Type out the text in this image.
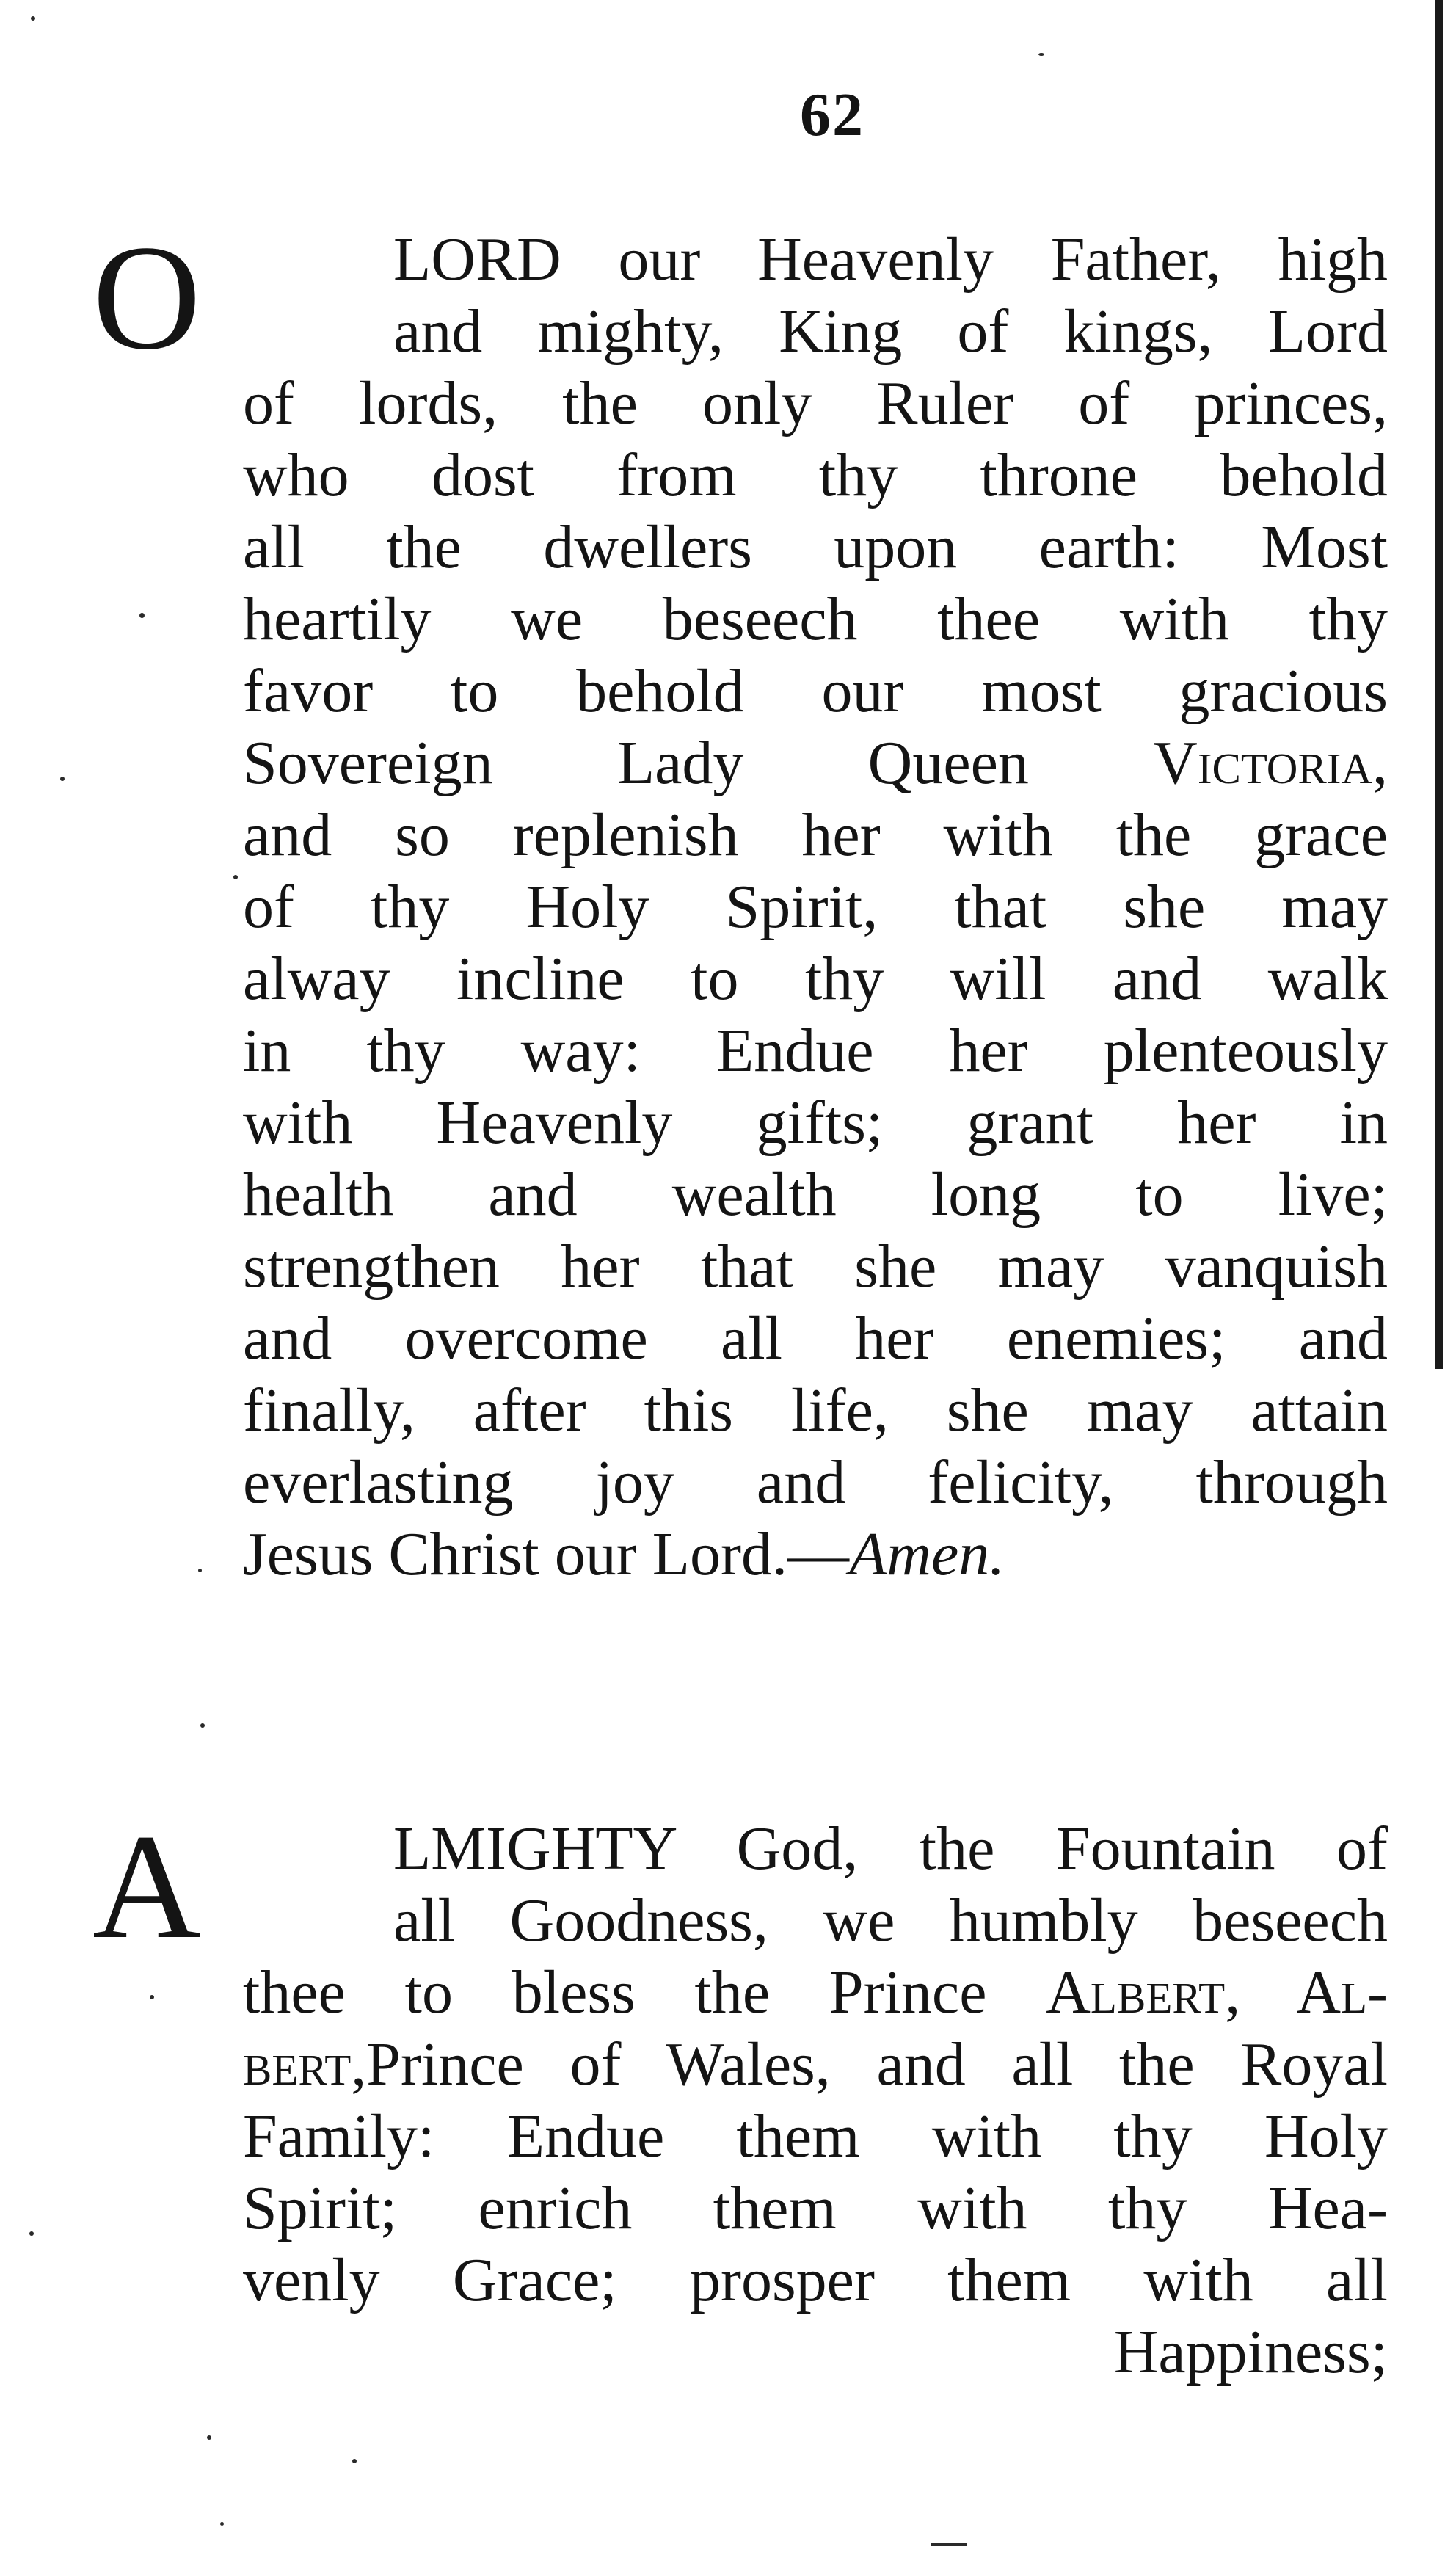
62
O	LORD our Heavenly Father, high
and mighty, King of kings, Lord
of lords, the only Ruler of princes,
who dost from thy throne behold
all the dwellers upon earth: Most
heartily we beseech thee with thy
favor to behold our most gracious
Sovereign Lady Queen Victoria,
and so replenish her with the grace
of thy Holy Spirit, that she may
alway incline to thy will and walk
in thy way: Endue her plenteously
with Heavenly gifts; grant her in
health and wealth long to live;
strengthen her that she may vanquish
and overcome all her enemies; and
finally, after this life, she may attain
everlasting joy and felicity, through
Jesus Christ our Lord.—Amen.
A	LMIGHTY God, the Fountain of
all Goodness, we humbly beseech
thee to bless the Prince Albert, Al-
bert,Prince of Wales, and all the Royal
Family: Endue them with thy Holy
Spirit; enrich them with thy Hea-
venly Grace; prosper them with all
Happiness;
